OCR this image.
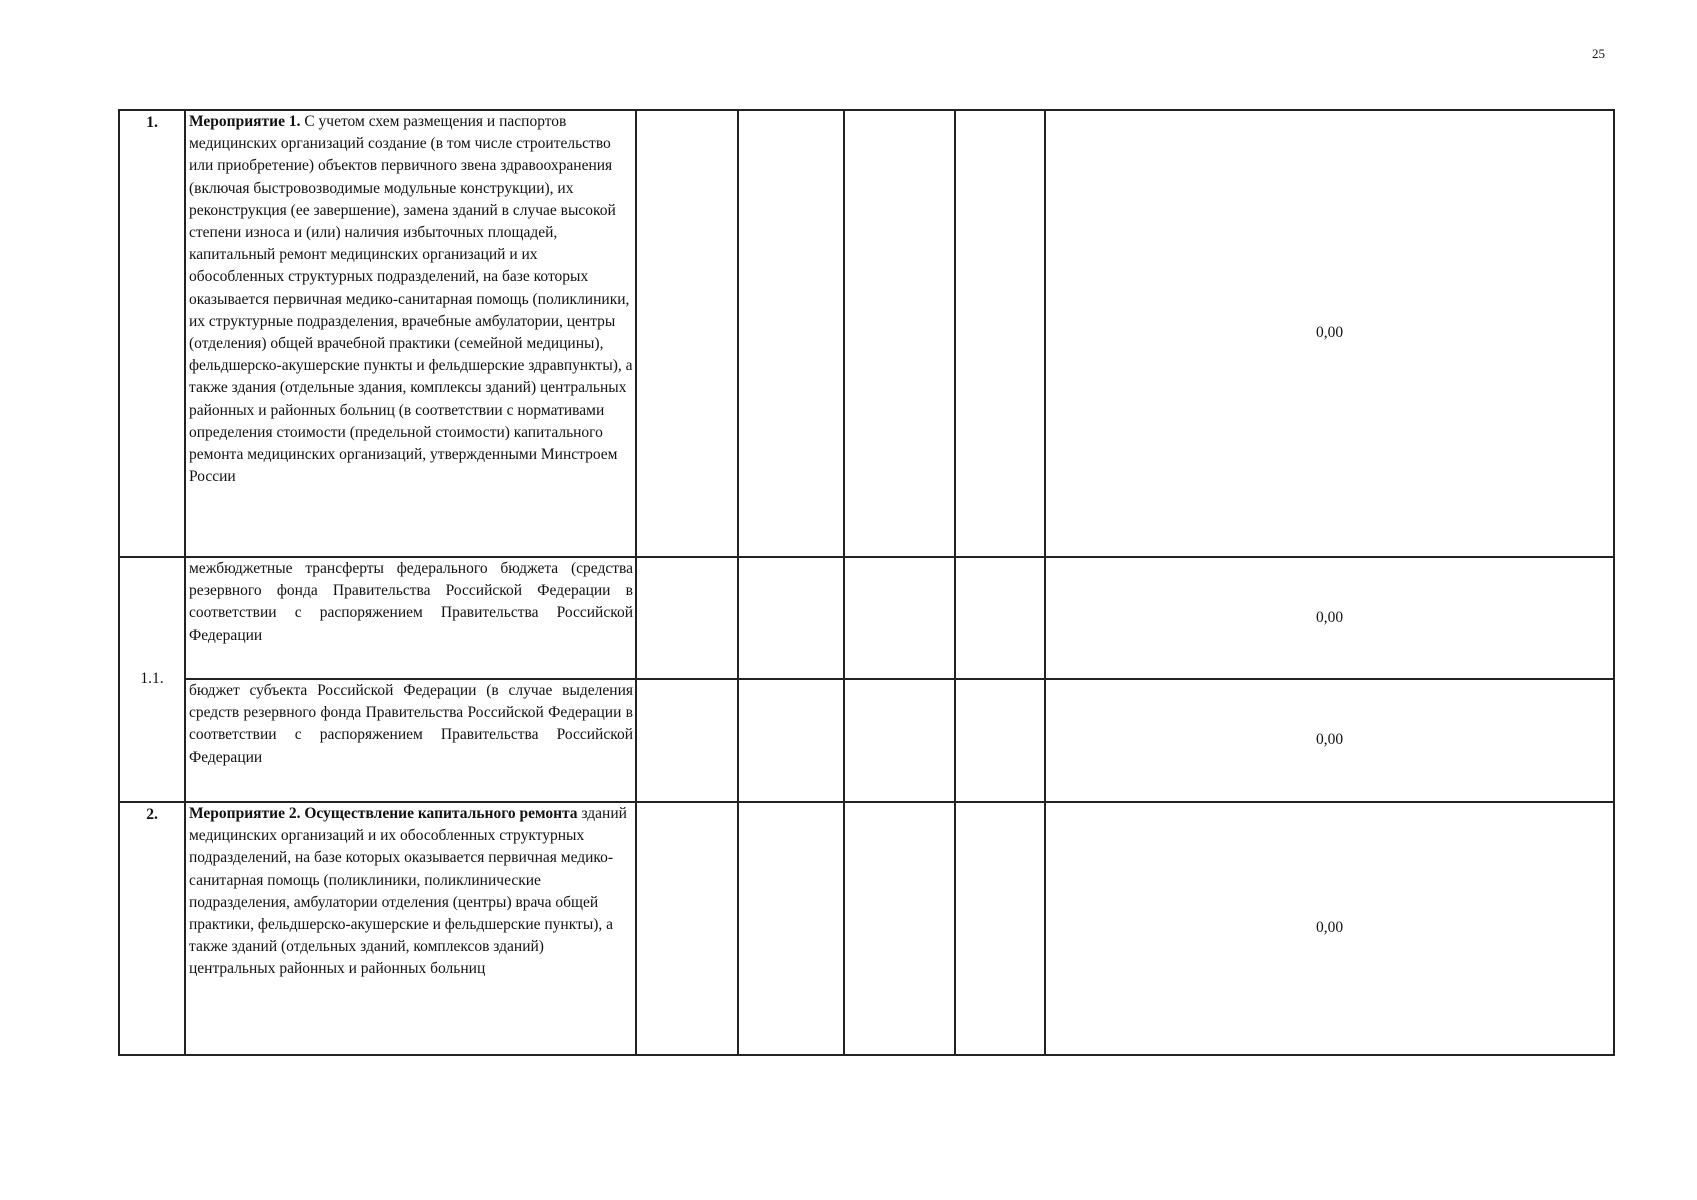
25
1.	Мероприятие 1. С учетом схем размещения и паспортов медицинских организаций создание (в том числе строительство или приобретение) объектов первичного звена здравоохранения (включая быстровозводимые модульные конструкции), их реконструкция (ее завершение), замена зданий в случае высокой степени износа и (или) наличия избыточных площадей, капитальный ремонт медицинских организаций и их обособленных структурных подразделений, на базе которых оказывается первичная медико-санитарная помощь (поликлиники, их структурные подразделения, врачебные амбулатории, центры (отделения) общей врачебной практики (семейной медицины), фельдшерско-акушерские пункты и фельдшерские здравпункты), а также здания (отдельные здания, комплексы зданий) центральных районных и районных больниц (в соответствии с нормативами определения стоимости (предельной стоимости) капитального ремонта медицинских организаций, утвержденными Минстроем России					0,00
1.1.	межбюджетные трансферты федерального бюджета (средства резервного фонда Правительства Российской Федерации в соответствии с распоряжением Правительства Российской Федерации					0,00
	бюджет субъекта Российской Федерации (в случае выделения средств резервного фонда Правительства Российской Федерации в соответствии с распоряжением Правительства Российской Федерации					0,00
2.	Мероприятие 2. Осуществление капитального ремонта зданий медицинских организаций и их обособленных структурных подразделений, на базе которых оказывается первичная медико-санитарная помощь (поликлиники, поликлинические подразделения, амбулатории отделения (центры) врача общей практики, фельдшерско-акушерские и фельдшерские пункты), а также зданий (отдельных зданий, комплексов зданий) центральных районных и районных больниц					0,00
